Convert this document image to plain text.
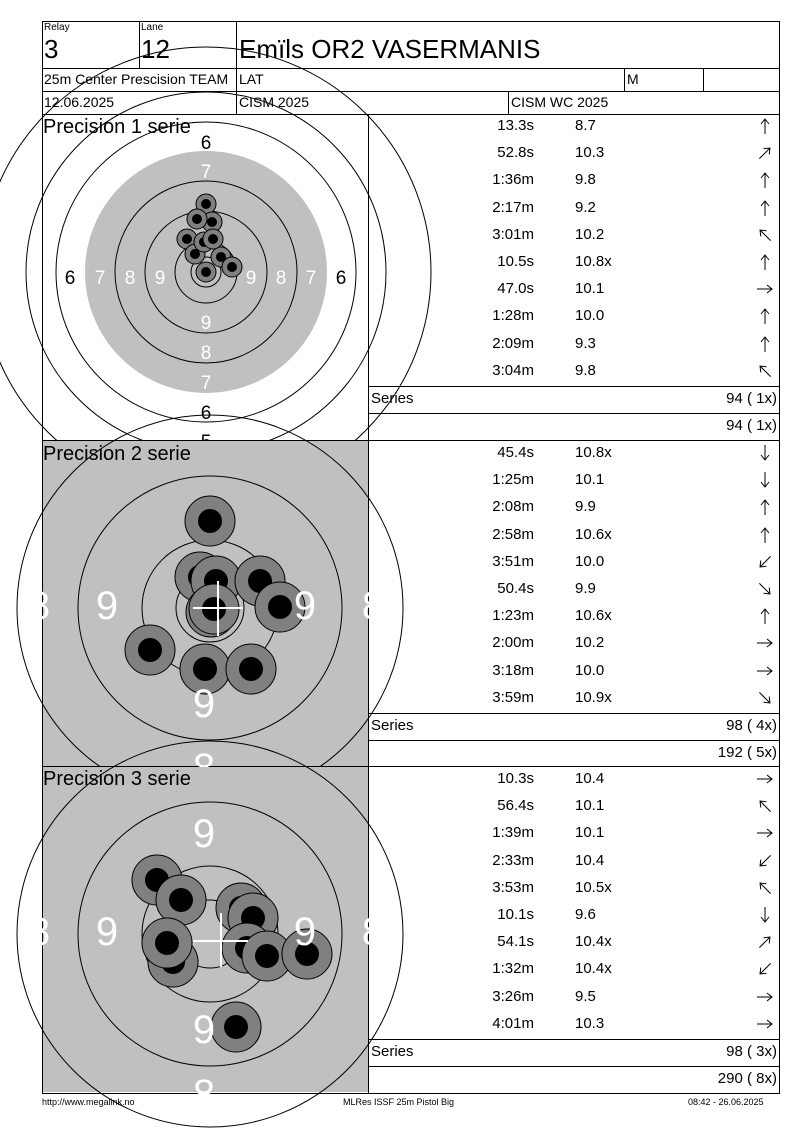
Relay
3
Lane
12	Emïls OR2 VASERMANIS
25m Center Prescision TEAM LAT	M
12.06.2025	CISM 2025	CISM WC 2025
6
7
6 7 8 9	9 8 7 6
9
8
7
6
Precision 1 serie
8 9	9 8
9
Precision 2 serie
9
8 9	9 8
9
8
Precision 3 serie
13.3s	8.7
52.8s	10.3
1:36m	9.8
2:17m	9.2
3:01m	10.2
10.5s	10.8x
47.0s	10.1
1:28m	10.0
2:09m	9.3
3:04m	9.8
Series	94 ( 1x)
94 ( 1x)
45.4s	10.8x
1:25m	10.1
2:08m	9.9
2:58m	10.6x
3:51m	10.0
50.4s	9.9
1:23m	10.6x
2:00m	10.2
3:18m	10.0
3:59m	10.9x
Series	98 ( 4x)
192 ( 5x)
10.3s	10.4
56.4s	10.1
1:39m	10.1
2:33m	10.4
3:53m	10.5x
10.1s	9.6
54.1s	10.4x
1:32m	10.4x
3:26m	9.5
4:01m	10.3
Series	98 ( 3x)
290 ( 8x)
http://www.megalink.no	MLRes ISSF 25m Pistol Big	08:42 - 26.06.2025
